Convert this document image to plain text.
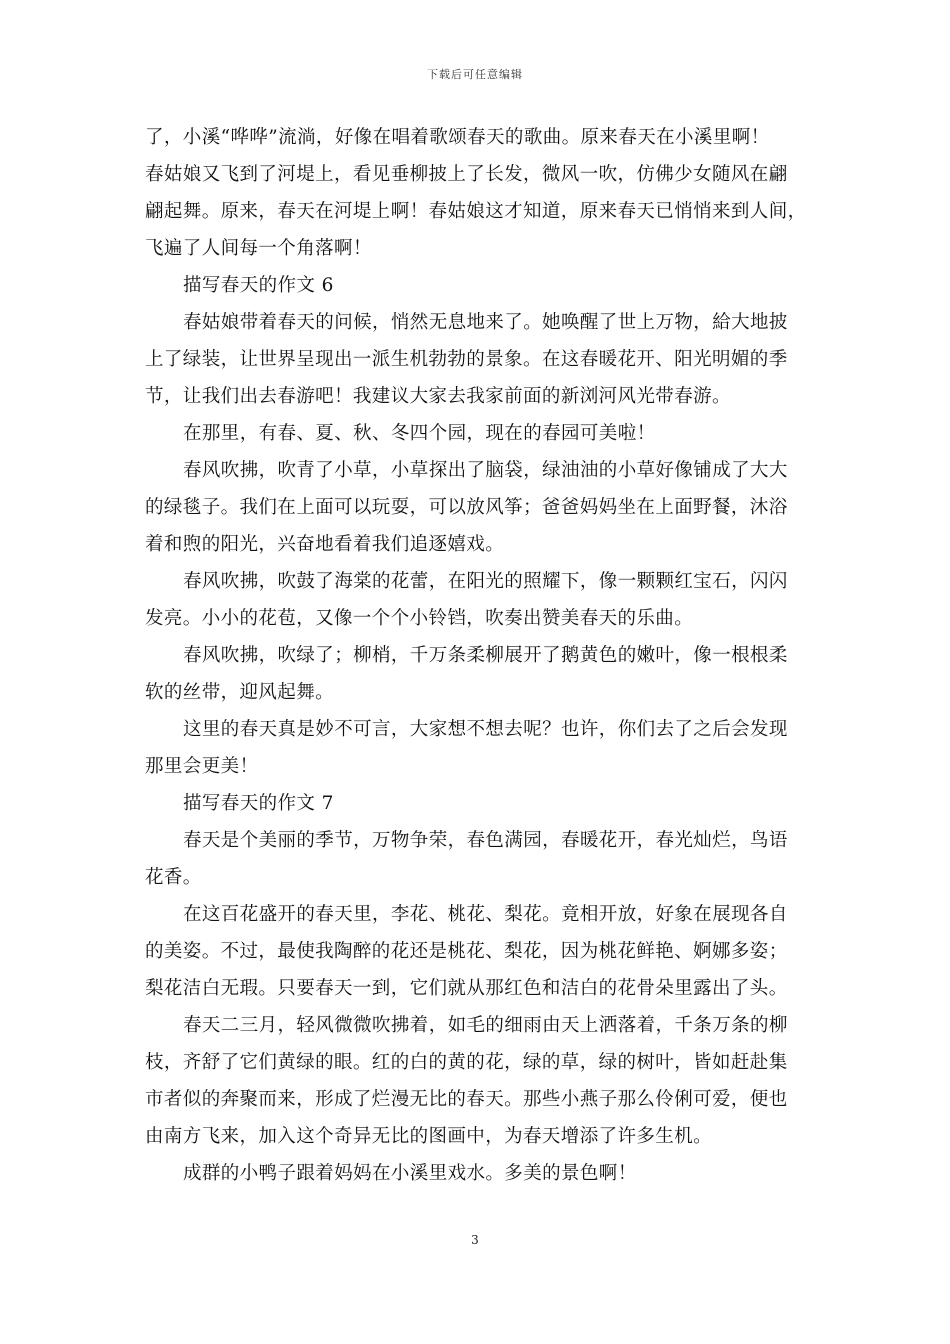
下载后可任意编辑
了，小溪“哗哗”流淌，好像在唱着歌颂春天的歌曲。原来春天在小溪里啊！
春姑娘又飞到了河堤上，看见垂柳披上了长发，微风一吹，仿佛少女随风在翩
翩起舞。原来，春天在河堤上啊！春姑娘这才知道，原来春天已悄悄来到人间，
飞遍了人间每一个角落啊！
描写春天的作文 6
春姑娘带着春天的问候，悄然无息地来了。她唤醒了世上万物，給大地披
上了绿装，让世界呈现出一派生机勃勃的景象。在这春暖花开、阳光明媚的季
节，让我们出去春游吧！我建议大家去我家前面的新浏河风光带春游。
在那里，有春、夏、秋、冬四个园，现在的春园可美啦！
春风吹拂，吹青了小草，小草探出了脑袋，绿油油的小草好像铺成了大大
的绿毯子。我们在上面可以玩耍，可以放风筝；爸爸妈妈坐在上面野餐，沐浴
着和煦的阳光，兴奋地看着我们追逐嬉戏。
春风吹拂，吹鼓了海棠的花蕾，在阳光的照耀下，像一颗颗红宝石，闪闪
发亮。小小的花苞，又像一个个小铃铛，吹奏出赞美春天的乐曲。
春风吹拂，吹绿了；柳梢，千万条柔柳展开了鹅黄色的嫩叶，像一根根柔
软的丝带，迎风起舞。
这里的春天真是妙不可言，大家想不想去呢？也许，你们去了之后会发现
那里会更美！
描写春天的作文 7
春天是个美丽的季节，万物争荣，春色满园，春暖花开，春光灿烂，鸟语
花香。
在这百花盛开的春天里，李花、桃花、梨花。竟相开放，好象在展现各自
的美姿。不过，最使我陶醉的花还是桃花、梨花，因为桃花鲜艳、婀娜多姿；
梨花洁白无瑕。只要春天一到，它们就从那红色和洁白的花骨朵里露出了头。
春天二三月，轻风微微吹拂着，如毛的细雨由天上洒落着，千条万条的柳
枝，齐舒了它们黄绿的眼。红的白的黄的花，绿的草，绿的树叶，皆如赶赴集
市者似的奔聚而来，形成了烂漫无比的春天。那些小燕子那么伶俐可爱，便也
由南方飞来，加入这个奇异无比的图画中，为春天增添了许多生机。
成群的小鸭子跟着妈妈在小溪里戏水。多美的景色啊！
3
